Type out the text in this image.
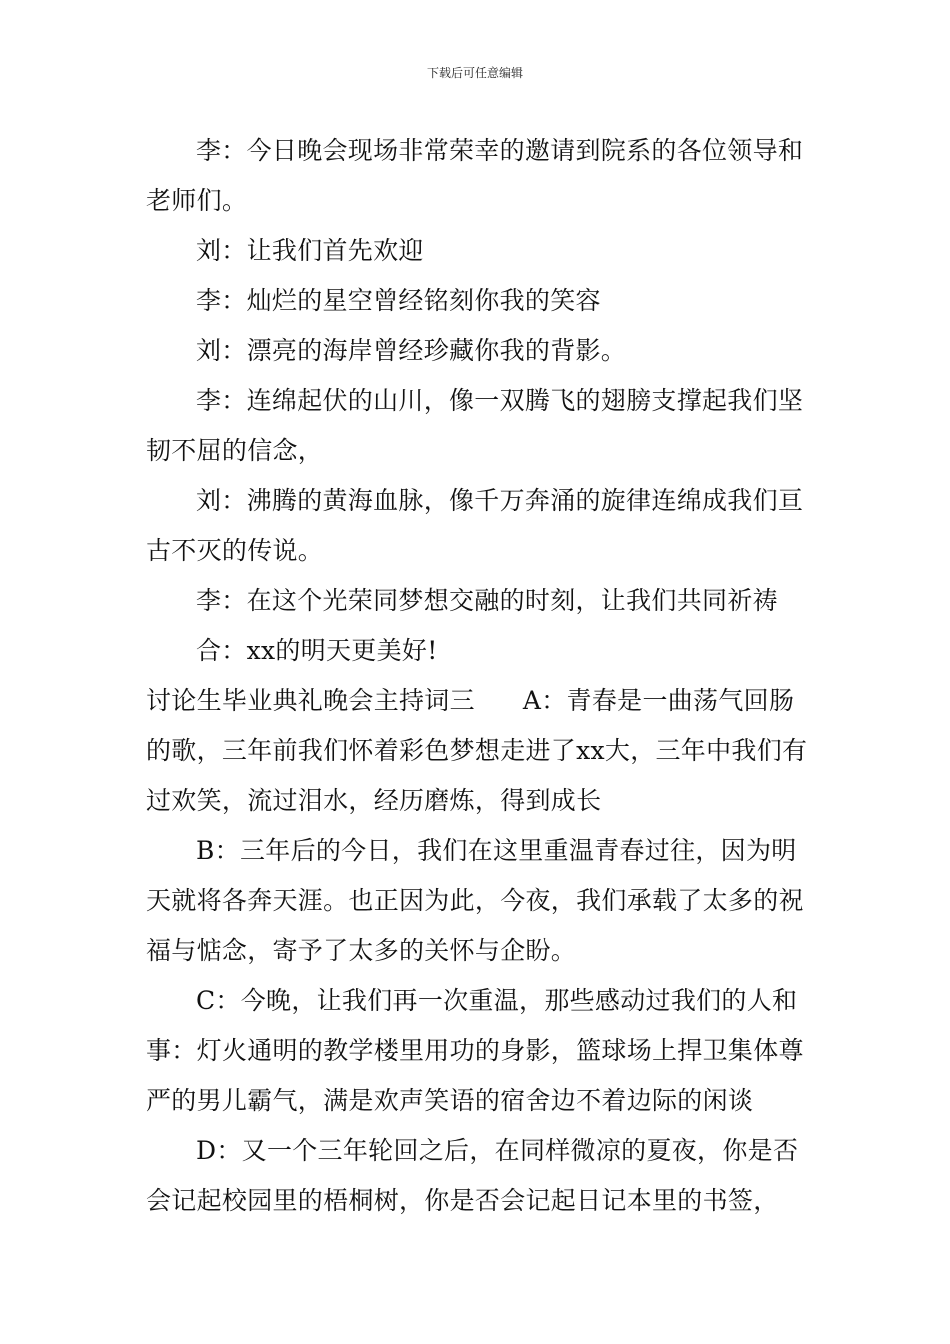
下载后可任意编辑

李：今日晚会现场非常荣幸的邀请到院系的各位领导和老师们。

刘：让我们首先欢迎

李：灿烂的星空曾经铭刻你我的笑容

刘：漂亮的海岸曾经珍藏你我的背影。

李：连绵起伏的山川，像一双腾飞的翅膀支撑起我们坚韧不屈的信念，

刘：沸腾的黄海血脉，像千万奔涌的旋律连绵成我们亘古不灭的传说。

李：在这个光荣同梦想交融的时刻，让我们共同祈祷

合：xx的明天更美好!

讨论生毕业典礼晚会主持词三 A：青春是一曲荡气回肠的歌，三年前我们怀着彩色梦想走进了xx大，三年中我们有过欢笑，流过泪水，经历磨炼，得到成长

B：三年后的今日，我们在这里重温青春过往，因为明天就将各奔天涯。也正因为此，今夜，我们承载了太多的祝福与惦念，寄予了太多的关怀与企盼。

C：今晚，让我们再一次重温，那些感动过我们的人和事：灯火通明的教学楼里用功的身影，篮球场上捍卫集体尊严的男儿霸气，满是欢声笑语的宿舍边不着边际的闲谈

D：又一个三年轮回之后，在同样微凉的夏夜，你是否会记起校园里的梧桐树，你是否会记起日记本里的书签，
